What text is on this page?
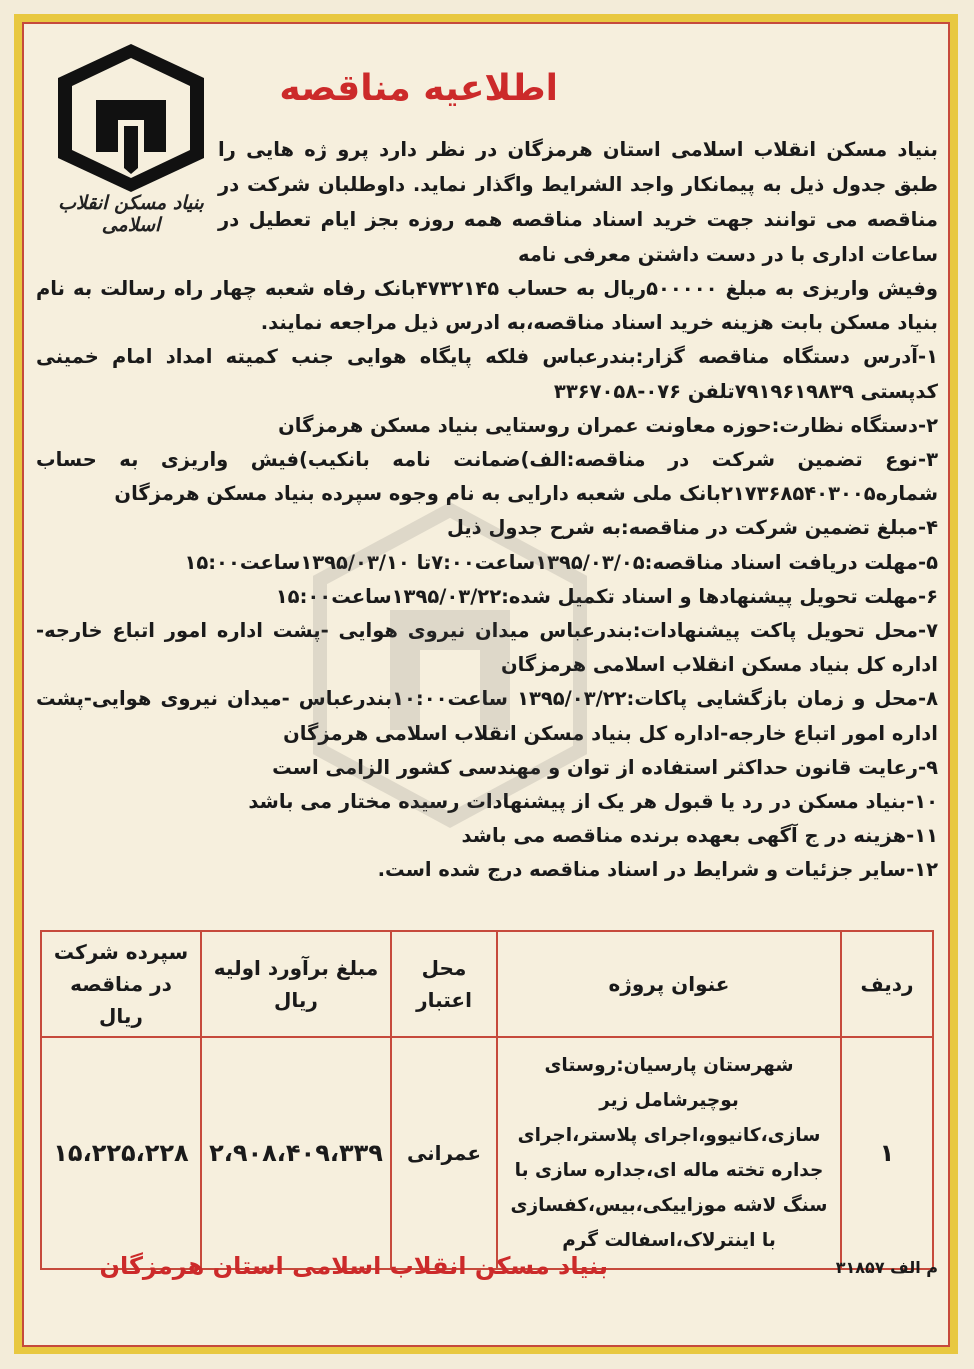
بنیاد مسکن انقلاب اسلامی
اطلاعیه مناقصه
بنیاد مسکن انقلاب اسلامی استان هرمزگان در نظر دارد پرو ژه هایی را طبق جدول ذیل به پیمانکار واجد الشرایط واگذار نماید. داوطلبان شرکت در مناقصه می توانند جهت خرید اسناد مناقصه همه روزه بجز ایام تعطیل در ساعات اداری با در دست داشتن معرفی نامه

وفیش واریزی به مبلغ ۵۰۰۰۰۰ریال به حساب ۴۷۳۲۱۴۵بانک رفاه شعبه چهار راه رسالت به نام بنیاد مسکن بابت هزینه خرید اسناد مناقصه،به ادرس ذیل مراجعه نمایند.

۱-آدرس دستگاه مناقصه گزار:بندرعباس فلکه پایگاه هوایی جنب کمیته امداد امام خمینی کدپستی ۷۹۱۹۶۱۹۸۳۹تلفن ۰۷۶-۳۳۶۷۰۵۸

۲-دستگاه نظارت:حوزه معاونت عمران روستایی بنیاد مسکن هرمزگان

۳-نوع تضمین شرکت در مناقصه:الف)ضمانت نامه بانکیب)فیش واریزی به حساب شماره۲۱۷۳۶۸۵۴۰۳۰۰۵بانک ملی شعبه دارایی به نام وجوه سپرده بنیاد مسکن هرمزگان

۴-مبلغ تضمین شرکت در مناقصه:به شرح جدول ذیل

۵-مهلت دریافت اسناد مناقصه:۱۳۹۵/۰۳/۰۵ساعت۷:۰۰تا ۱۳۹۵/۰۳/۱۰ساعت۱۵:۰۰

۶-مهلت تحویل پیشنهادها و اسناد تکمیل شده:۱۳۹۵/۰۳/۲۲ساعت۱۵:۰۰

۷-محل تحویل پاکت پیشنهادات:بندرعباس میدان نیروی هوایی -پشت اداره امور اتباع خارجه-اداره کل بنیاد مسکن انقلاب اسلامی هرمزگان

۸-محل و زمان بازگشایی پاکات:۱۳۹۵/۰۳/۲۲ ساعت۱۰:۰۰بندرعباس -میدان نیروی هوایی-پشت اداره امور اتباع خارجه-اداره کل بنیاد مسکن انقلاب اسلامی هرمزگان

۹-رعایت قانون حداکثر استفاده از توان و مهندسی کشور الزامی است

۱۰-بنیاد مسکن در رد یا قبول هر یک از پیشنهادات رسیده مختار می باشد

۱۱-هزینه در ج آگهی بعهده برنده مناقصه می باشد

۱۲-سایر جزئیات و شرایط در اسناد مناقصه درج شده است.

ردیف	عنوان پروژه	محل اعتبار	مبلغ برآورد اولیه ریال	سپرده شرکت در مناقصه ریال
۱	شهرستان پارسیان:روستای بوچیرشامل زیر سازی،کانیوو،اجرای پلاستر،اجرای جداره تخته ماله ای،جداره سازی با سنگ لاشه موزاییکی،بیس،کفسازی با اینترلاک،اسفالت گرم	عمرانی	۲،۹۰۸،۴۰۹،۳۳۹	۱۵،۲۲۵،۲۲۸
بنیاد مسکن انقلاب اسلامی استان هرمزگان	م الف ۳۱۸۵۷
